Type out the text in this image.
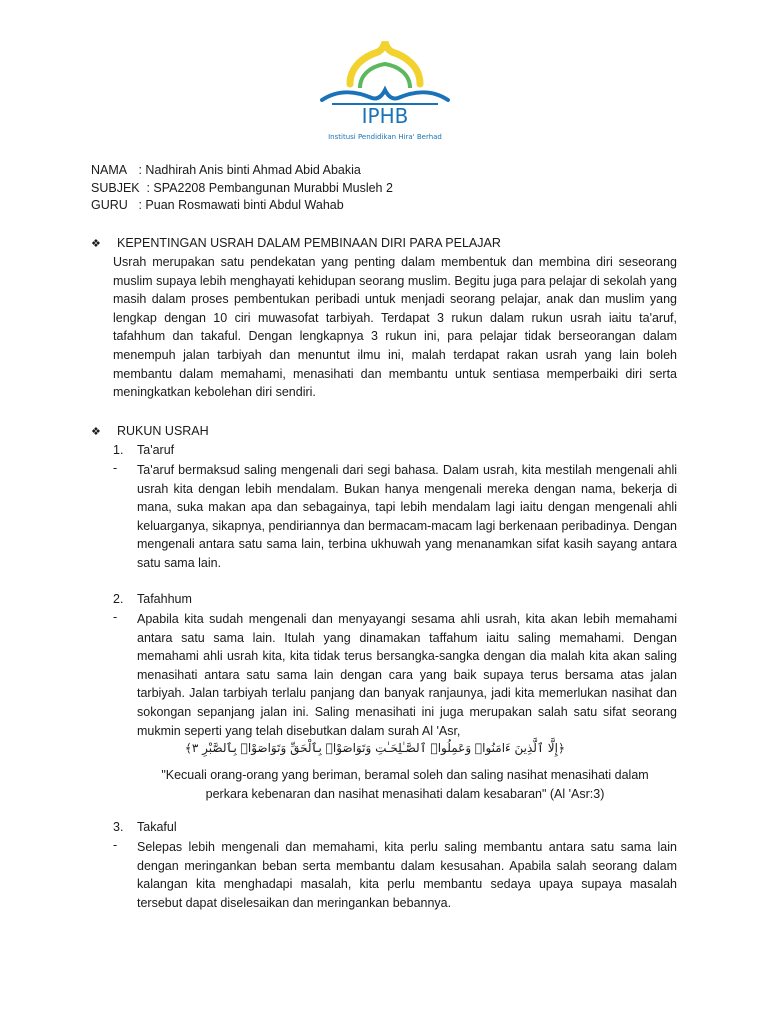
IPHB
Institusi Pendidikan Hira' Berhad
NAMA : Nadhirah Anis binti Ahmad Abid Abakia
SUBJEK : SPA2208 Pembangunan Murabbi Musleh 2
GURU : Puan Rosmawati binti Abdul Wahab
❖ KEPENTINGAN USRAH DALAM PEMBINAAN DIRI PARA PELAJAR
Usrah merupakan satu pendekatan yang penting dalam membentuk dan membina diri seseorang muslim supaya lebih menghayati kehidupan seorang muslim. Begitu juga para pelajar di sekolah yang masih dalam proses pembentukan peribadi untuk menjadi seorang pelajar, anak dan muslim yang lengkap dengan 10 ciri muwasofat tarbiyah. Terdapat 3 rukun dalam rukun usrah iaitu ta'aruf, tafahhum dan takaful. Dengan lengkapnya 3 rukun ini, para pelajar tidak berseorangan dalam menempuh jalan tarbiyah dan menuntut ilmu ini, malah terdapat rakan usrah yang lain boleh membantu dalam memahami, menasihati dan membantu untuk sentiasa memperbaiki diri serta meningkatkan kebolehan diri sendiri.
❖ RUKUN USRAH
1. Ta'aruf
- Ta'aruf bermaksud saling mengenali dari segi bahasa. Dalam usrah, kita mestilah mengenali ahli usrah kita dengan lebih mendalam. Bukan hanya mengenali mereka dengan nama, bekerja di mana, suka makan apa dan sebagainya, tapi lebih mendalam lagi iaitu dengan mengenali ahli keluarganya, sikapnya, pendiriannya dan bermacam-macam lagi berkenaan peribadinya. Dengan mengenali antara satu sama lain, terbina ukhuwah yang menanamkan sifat kasih sayang antara satu sama lain.
2. Tafahhum
- Apabila kita sudah mengenali dan menyayangi sesama ahli usrah, kita akan lebih memahami antara satu sama lain. Itulah yang dinamakan taffahum iaitu saling memahami. Dengan memahami ahli usrah kita, kita tidak terus bersangka-sangka dengan dia malah kita akan saling menasihati antara satu sama lain dengan cara yang baik supaya terus bersama atas jalan tarbiyah. Jalan tarbiyah terlalu panjang dan banyak ranjaunya, jadi kita memerlukan nasihat dan sokongan sepanjang jalan ini. Saling menasihati ini juga merupakan salah satu sifat seorang mukmin seperti yang telah disebutkan dalam surah Al 'Asr,
﴿إِلَّا ٱلَّذِينَ ءَامَنُوا۟ وَعَمِلُوا۟ ٱلصَّـٰلِحَـٰتِ وَتَوَاصَوْا۟ بِٱلْحَقِّ وَتَوَاصَوْا۟ بِٱلصَّبْرِ ٣﴾
"Kecuali orang-orang yang beriman, beramal soleh dan saling nasihat menasihati dalam perkara kebenaran dan nasihat menasihati dalam kesabaran" (Al 'Asr:3)
3. Takaful
- Selepas lebih mengenali dan memahami, kita perlu saling membantu antara satu sama lain dengan meringankan beban serta membantu dalam kesusahan. Apabila salah seorang dalam kalangan kita menghadapi masalah, kita perlu membantu sedaya upaya supaya masalah tersebut dapat diselesaikan dan meringankan bebannya.
